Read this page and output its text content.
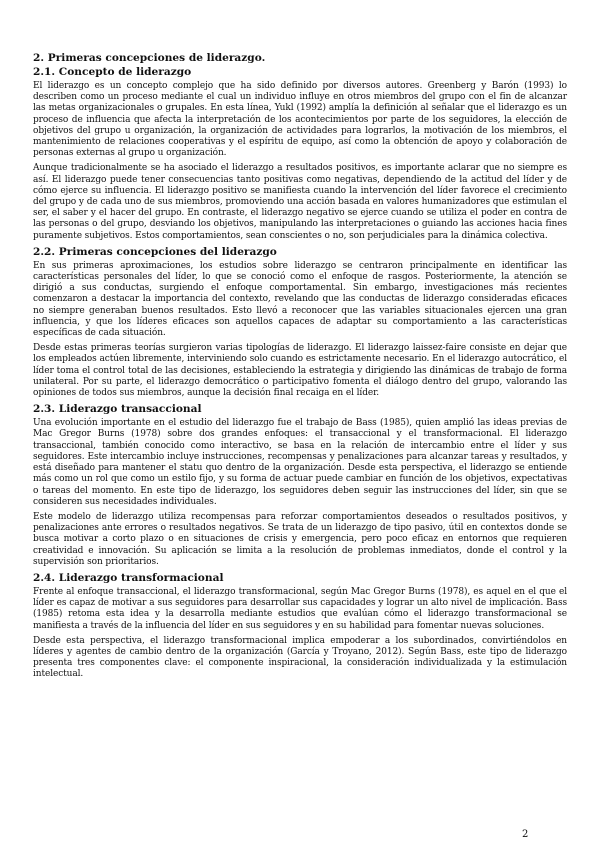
2. Primeras concepciones de liderazgo.
2.1. Concepto de liderazgo

El liderazgo es un concepto complejo que ha sido definido por diversos autores. Greenberg y Barón (1993) lo describen como un proceso mediante el cual un individuo influye en otros miembros del grupo con el fin de alcanzar las metas organizacionales o grupales. En esta línea, Yukl (1992) amplía la definición al señalar que el liderazgo es un proceso de influencia que afecta la interpretación de los acontecimientos por parte de los seguidores, la elección de objetivos del grupo u organización, la organización de actividades para lograrlos, la motivación de los miembros, el mantenimiento de relaciones cooperativas y el espíritu de equipo, así como la obtención de apoyo y colaboración de personas externas al grupo u organización.

Aunque tradicionalmente se ha asociado el liderazgo a resultados positivos, es importante aclarar que no siempre es así. El liderazgo puede tener consecuencias tanto positivas como negativas, dependiendo de la actitud del líder y de cómo ejerce su influencia. El liderazgo positivo se manifiesta cuando la intervención del líder favorece el crecimiento del grupo y de cada uno de sus miembros, promoviendo una acción basada en valores humanizadores que estimulan el ser, el saber y el hacer del grupo. En contraste, el liderazgo negativo se ejerce cuando se utiliza el poder en contra de las personas o del grupo, desviando los objetivos, manipulando las interpretaciones o guiando las acciones hacia fines puramente subjetivos. Estos comportamientos, sean conscientes o no, son perjudiciales para la dinámica colectiva.

2.2. Primeras concepciones del liderazgo

En sus primeras aproximaciones, los estudios sobre liderazgo se centraron principalmente en identificar las características personales del líder, lo que se conoció como el enfoque de rasgos. Posteriormente, la atención se dirigió a sus conductas, surgiendo el enfoque comportamental. Sin embargo, investigaciones más recientes comenzaron a destacar la importancia del contexto, revelando que las conductas de liderazgo consideradas eficaces no siempre generaban buenos resultados. Esto llevó a reconocer que las variables situacionales ejercen una gran influencia, y que los líderes eficaces son aquellos capaces de adaptar su comportamiento a las características específicas de cada situación.

Desde estas primeras teorías surgieron varias tipologías de liderazgo. El liderazgo laissez-faire consiste en dejar que los empleados actúen libremente, interviniendo solo cuando es estrictamente necesario. En el liderazgo autocrático, el líder toma el control total de las decisiones, estableciendo la estrategia y dirigiendo las dinámicas de trabajo de forma unilateral. Por su parte, el liderazgo democrático o participativo fomenta el diálogo dentro del grupo, valorando las opiniones de todos sus miembros, aunque la decisión final recaiga en el líder.

2.3. Liderazgo transaccional

Una evolución importante en el estudio del liderazgo fue el trabajo de Bass (1985), quien amplió las ideas previas de Mac Gregor Burns (1978) sobre dos grandes enfoques: el transaccional y el transformacional. El liderazgo transaccional, también conocido como interactivo, se basa en la relación de intercambio entre el líder y sus seguidores. Este intercambio incluye instrucciones, recompensas y penalizaciones para alcanzar tareas y resultados, y está diseñado para mantener el statu quo dentro de la organización. Desde esta perspectiva, el liderazgo se entiende más como un rol que como un estilo fijo, y su forma de actuar puede cambiar en función de los objetivos, expectativas o tareas del momento. En este tipo de liderazgo, los seguidores deben seguir las instrucciones del líder, sin que se consideren sus necesidades individuales.

Este modelo de liderazgo utiliza recompensas para reforzar comportamientos deseados o resultados positivos, y penalizaciones ante errores o resultados negativos. Se trata de un liderazgo de tipo pasivo, útil en contextos donde se busca motivar a corto plazo o en situaciones de crisis y emergencia, pero poco eficaz en entornos que requieren creatividad e innovación. Su aplicación se limita a la resolución de problemas inmediatos, donde el control y la supervisión son prioritarios.

2.4. Liderazgo transformacional

Frente al enfoque transaccional, el liderazgo transformacional, según Mac Gregor Burns (1978), es aquel en el que el líder es capaz de motivar a sus seguidores para desarrollar sus capacidades y lograr un alto nivel de implicación. Bass (1985) retoma esta idea y la desarrolla mediante estudios que evalúan cómo el liderazgo transformacional se manifiesta a través de la influencia del líder en sus seguidores y en su habilidad para fomentar nuevas soluciones.

Desde esta perspectiva, el liderazgo transformacional implica empoderar a los subordinados, convirtiéndolos en líderes y agentes de cambio dentro de la organización (García y Troyano, 2012). Según Bass, este tipo de liderazgo presenta tres componentes clave: el componente inspiracional, la consideración individualizada y la estimulación intelectual.

2
